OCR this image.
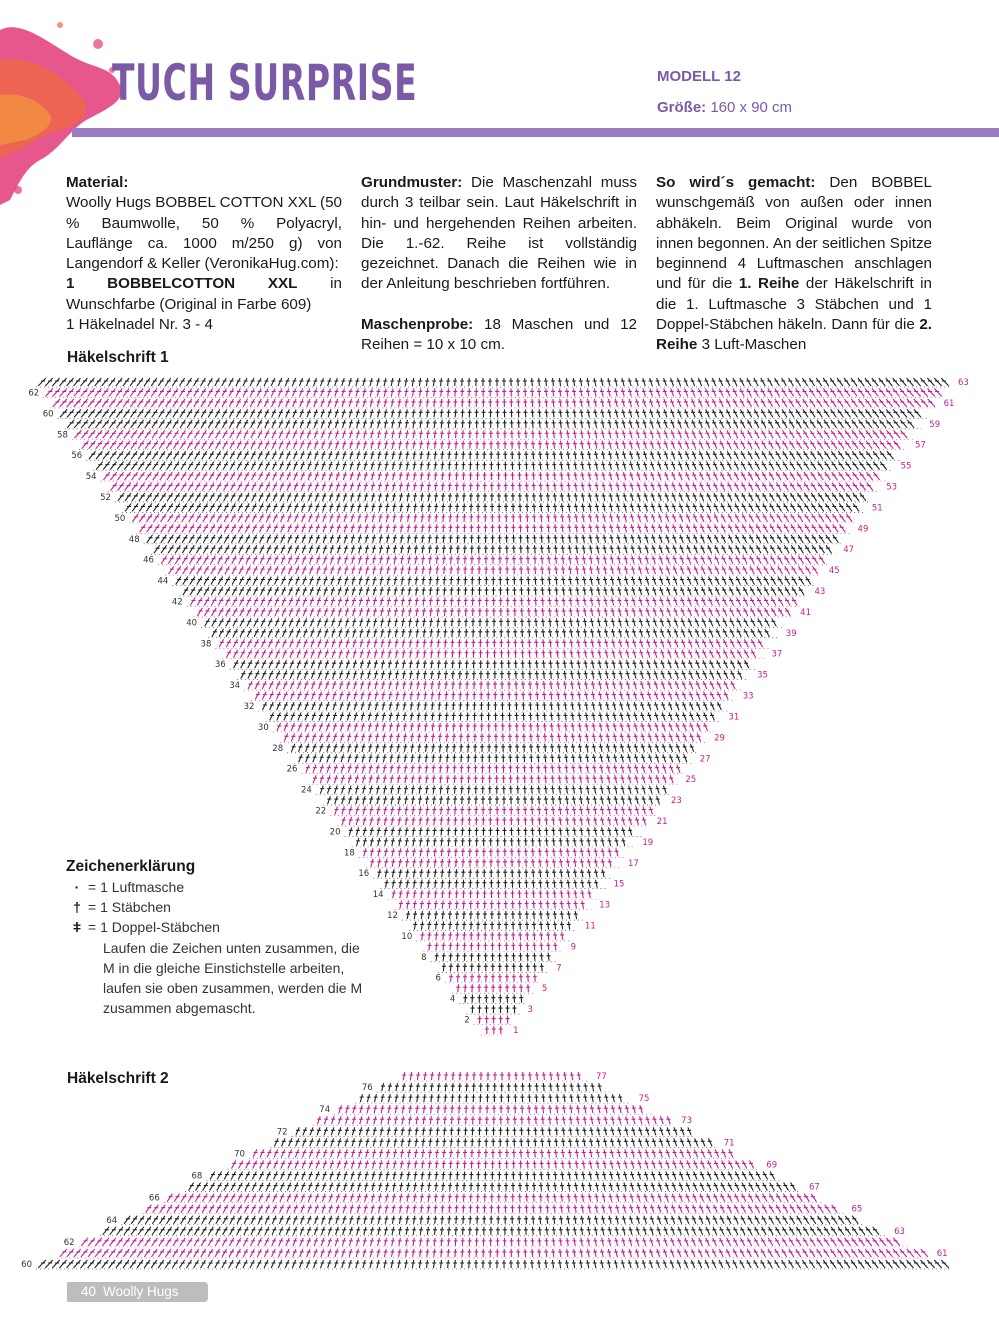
TUCH SURPRISE	MODELL 12
Größe: 160 x 90 cm

Material:

Woolly Hugs BOBBEL COTTON XXL (50 % Baumwolle, 50 % Polyacryl, Lauflänge ca. 1000 m/250 g) von Langendorf & Keller (VeronikaHug.com):

1 BOBBELCOTTON XXL in Wunschfarbe (Original in Farbe 609)

1 Häkelnadel Nr. 3 - 4

Grundmuster: Die Maschenzahl muss durch 3 teilbar sein. Laut Häkelschrift in hin- und hergehenden Reihen arbeiten. Die 1.-62. Reihe ist vollständig gezeichnet. Danach die Reihen wie in der Anleitung beschrieben fortführen.

Maschenprobe: 18 Maschen und 12 Reihen = 10 x 10 cm.

So wird´s gemacht: Den BOBBEL wunschgemäß von außen oder innen abhäkeln. Beim Original wurde von innen begonnen. An der seitlichen Spitze beginnend 4 Luftmaschen anschlagen und für die 1. Reihe der Häkelschrift in die 1. Luftmasche 3 Stäbchen und 1 Doppel-Stäbchen häkeln. Dann für die 2. Reihe 3 Luft-Maschen

Häkelschrift 1
62
60
58
56
54
52
50
48
46
44
42
40
38
36
34
32
30
28
26
24
22
20
18
16
14
12
10
8
6
4
2
63
61
59
57
55
53
51
49
47
45
43
41
39
37
35
33
31
29
27
25
23
21
19
17
15
13
11
9
7
5
3
1
Zeichenerklärung
· = 1 Luftmasche
† = 1 Stäbchen
ǂ = 1 Doppel-Stäbchen
Laufen die Zeichen unten zusammen, die M in die gleiche Einstichstelle arbeiten, laufen sie oben zusammen, werden die M zusammen abgemascht.
Häkelschrift 2
76
74
72
70
68
66
64
62
60
77
75
73
71
69
67
65
63
61
40 Woolly Hugs
